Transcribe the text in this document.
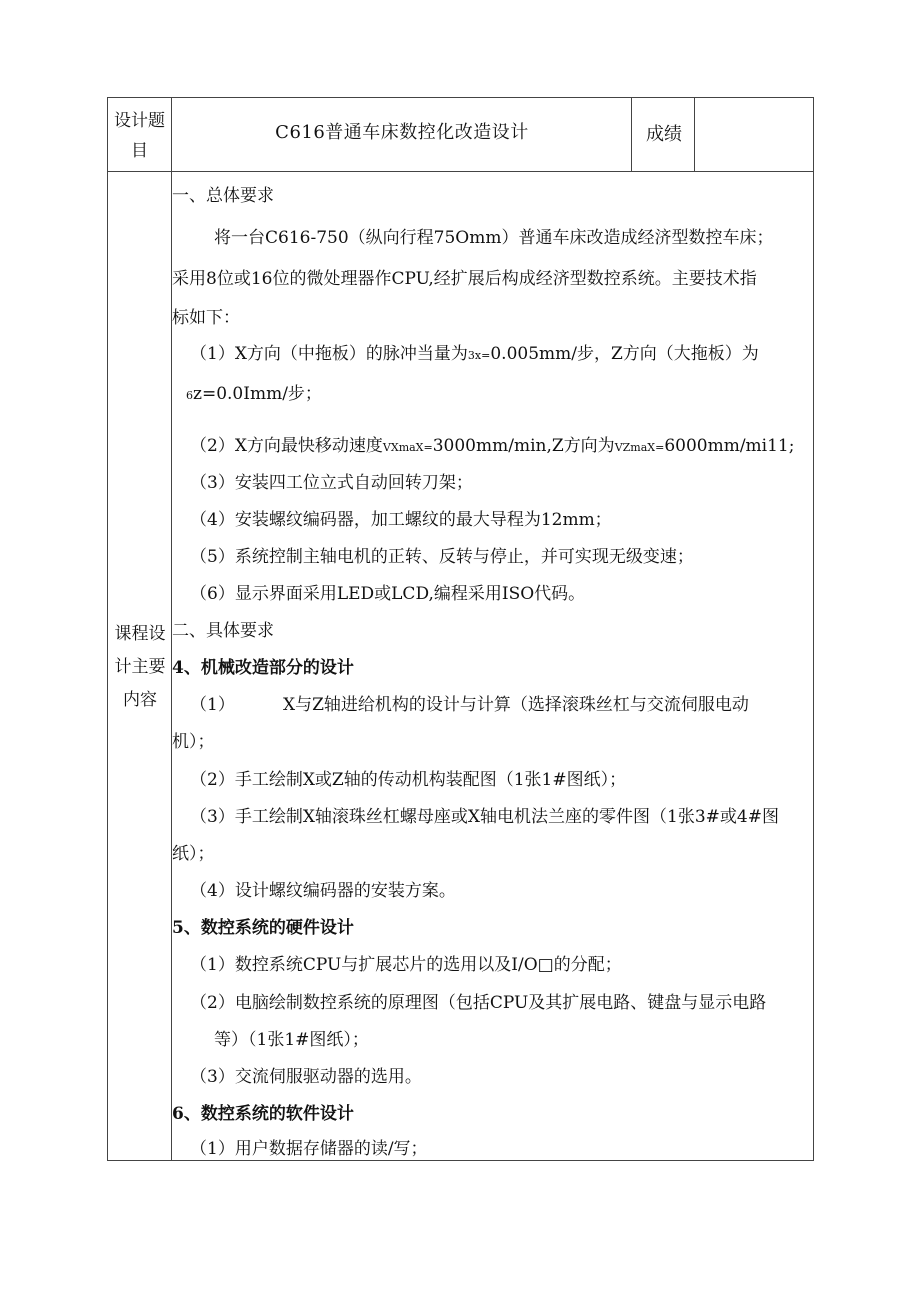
设计题
目
C616普通车床数控化改造设计	成绩
课程设
计主要
内容
一、总体要求
将一台C616-750（纵向行程75Omm）普通车床改造成经济型数控车床；
采用8位或16位的微处理器作CPU,经扩展后构成经济型数控系统。主要技术指
标如下：
（1）X方向（中拖板）的脉冲当量为3x=0.005mm/步，Z方向（大拖板）为
6z=0.0Imm/步；
（2）X方向最快移动速度VXmaX=3000mm/min,Z方向为VZmaX=6000mm/mi11;
（3）安装四工位立式自动回转刀架；
（4）安装螺纹编码器，加工螺纹的最大导程为12mm；
（5）系统控制主轴电机的正转、反转与停止，并可实现无级变速；
（6）显示界面采用LED或LCD,编程采用ISO代码。
二、具体要求
4、机械改造部分的设计
（1）	X与Z轴进给机构的设计与计算（选择滚珠丝杠与交流伺服电动
机）；
（2）手工绘制X或Z轴的传动机构装配图（1张1#图纸）；
（3）手工绘制X轴滚珠丝杠螺母座或X轴电机法兰座的零件图（1张3#或4#图
纸）；
（4）设计螺纹编码器的安装方案。
5、数控系统的硬件设计
（1）数控系统CPU与扩展芯片的选用以及I/O□的分配；
（2）电脑绘制数控系统的原理图（包括CPU及其扩展电路、键盘与显示电路
等）（1张1#图纸）；
（3）交流伺服驱动器的选用。
6、数控系统的软件设计
（1）用户数据存储器的读/写；
